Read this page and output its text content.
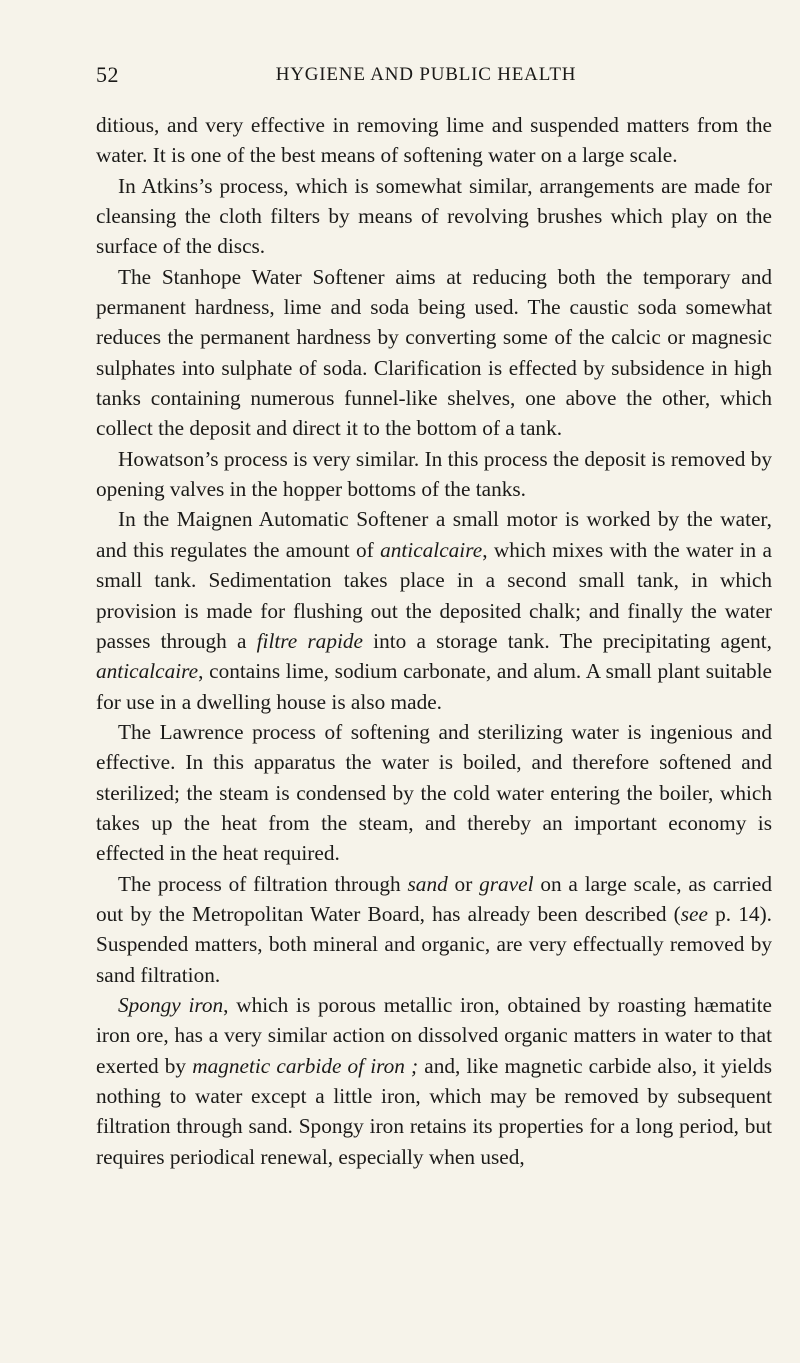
52	HYGIENE AND PUBLIC HEALTH

ditious, and very effective in removing lime and suspended matters from the water. It is one of the best means of softening water on a large scale.

In Atkins’s process, which is somewhat similar, arrangements are made for cleansing the cloth filters by means of revolving brushes which play on the surface of the discs.

The Stanhope Water Softener aims at reducing both the temporary and permanent hardness, lime and soda being used. The caustic soda somewhat reduces the permanent hardness by converting some of the calcic or magnesic sulphates into sulphate of soda. Clarification is effected by subsidence in high tanks containing numerous funnel-like shelves, one above the other, which collect the deposit and direct it to the bottom of a tank.

Howatson’s process is very similar. In this process the deposit is removed by opening valves in the hopper bottoms of the tanks.

In the Maignen Automatic Softener a small motor is worked by the water, and this regulates the amount of anticalcaire, which mixes with the water in a small tank. Sedimentation takes place in a second small tank, in which provision is made for flushing out the deposited chalk; and finally the water passes through a filtre rapide into a storage tank. The precipitating agent, anticalcaire, contains lime, sodium carbonate, and alum. A small plant suitable for use in a dwelling house is also made.

The Lawrence process of softening and sterilizing water is ingenious and effective. In this apparatus the water is boiled, and therefore softened and sterilized; the steam is condensed by the cold water entering the boiler, which takes up the heat from the steam, and thereby an important economy is effected in the heat required.

The process of filtration through sand or gravel on a large scale, as carried out by the Metropolitan Water Board, has already been described (see p. 14). Suspended matters, both mineral and organic, are very effectually removed by sand filtration.

Spongy iron, which is porous metallic iron, obtained by roasting hæmatite iron ore, has a very similar action on dissolved organic matters in water to that exerted by magnetic carbide of iron ; and, like magnetic carbide also, it yields nothing to water except a little iron, which may be removed by subsequent filtration through sand. Spongy iron retains its properties for a long period, but requires periodical renewal, especially when used,
